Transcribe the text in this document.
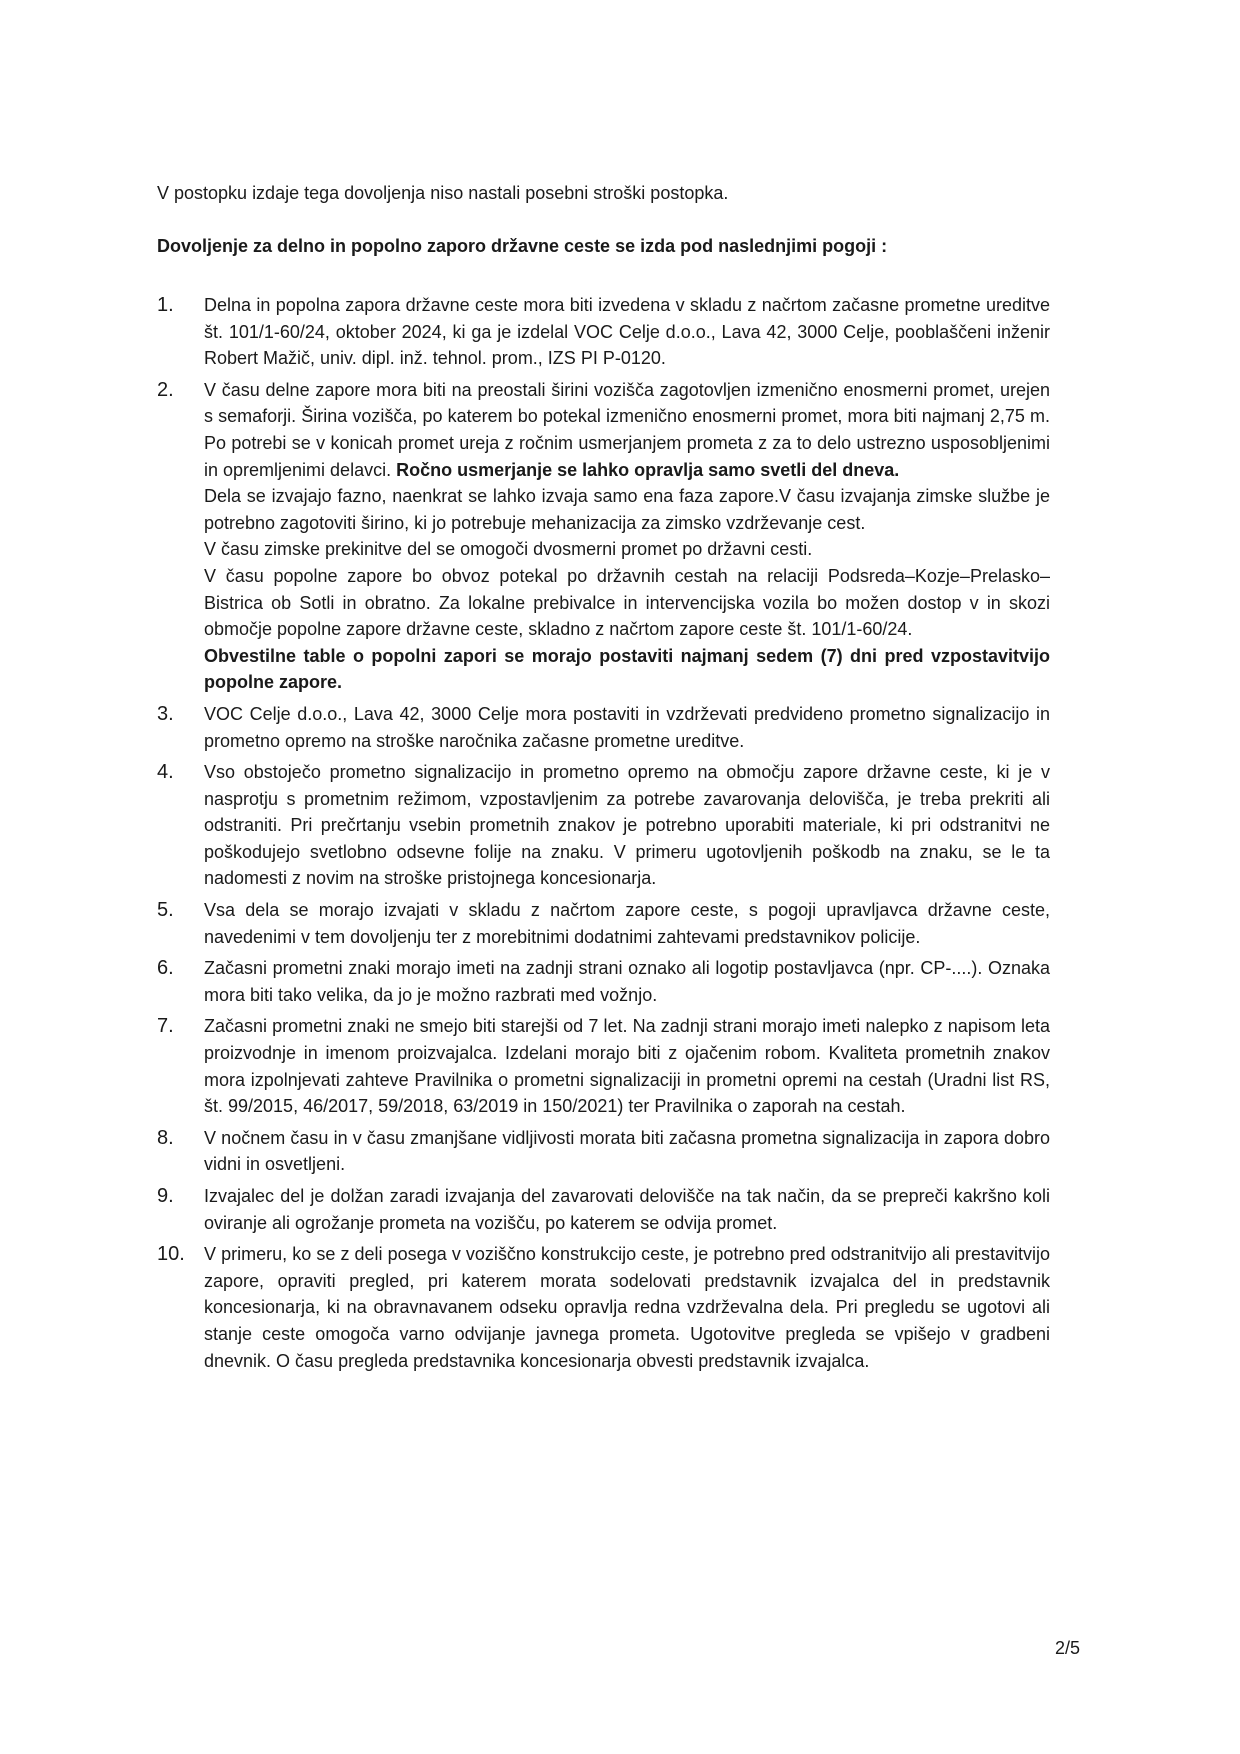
V postopku izdaje tega dovoljenja niso nastali posebni stroški postopka.

Dovoljenje za delno in popolno zaporo državne ceste se izda pod naslednjimi pogoji :

1.	Delna in popolna zapora državne ceste mora biti izvedena v skladu z načrtom začasne prometne ureditve št. 101/1-60/24, oktober 2024, ki ga je izdelal VOC Celje d.o.o., Lava 42, 3000 Celje, pooblaščeni inženir Robert Mažič, univ. dipl. inž. tehnol. prom., IZS PI P-0120.

2.	V času delne zapore mora biti na preostali širini vozišča zagotovljen izmenično enosmerni promet, urejen s semaforji. Širina vozišča, po katerem bo potekal izmenično enosmerni promet, mora biti najmanj 2,75 m. Po potrebi se v konicah promet ureja z ročnim usmerjanjem prometa z za to delo ustrezno usposobljenimi in opremljenimi delavci. Ročno usmerjanje se lahko opravlja samo svetli del dneva.

Dela se izvajajo fazno, naenkrat se lahko izvaja samo ena faza zapore.V času izvajanja zimske službe je potrebno zagotoviti širino, ki jo potrebuje mehanizacija za zimsko vzdrževanje cest.

V času zimske prekinitve del se omogoči dvosmerni promet po državni cesti.

V času popolne zapore bo obvoz potekal po državnih cestah na relaciji Podsreda–Kozje–Prelasko–Bistrica ob Sotli in obratno. Za lokalne prebivalce in intervencijska vozila bo možen dostop v in skozi območje popolne zapore državne ceste, skladno z načrtom zapore ceste št. 101/1-60/24.

Obvestilne table o popolni zapori se morajo postaviti najmanj sedem (7) dni pred vzpostavitvijo popolne zapore.

3.	VOC Celje d.o.o., Lava 42, 3000 Celje mora postaviti in vzdrževati predvideno prometno signalizacijo in prometno opremo na stroške naročnika začasne prometne ureditve.

4.	Vso obstoječo prometno signalizacijo in prometno opremo na območju zapore državne ceste, ki je v nasprotju s prometnim režimom, vzpostavljenim za potrebe zavarovanja delovišča, je treba prekriti ali odstraniti. Pri prečrtanju vsebin prometnih znakov je potrebno uporabiti materiale, ki pri odstranitvi ne poškodujejo svetlobno odsevne folije na znaku. V primeru ugotovljenih poškodb na znaku, se le ta nadomesti z novim na stroške pristojnega koncesionarja.

5.	Vsa dela se morajo izvajati v skladu z načrtom zapore ceste, s pogoji upravljavca državne ceste, navedenimi v tem dovoljenju ter z morebitnimi dodatnimi zahtevami predstavnikov policije.

6.	Začasni prometni znaki morajo imeti na zadnji strani oznako ali logotip postavljavca (npr. CP-....). Oznaka mora biti tako velika, da jo je možno razbrati med vožnjo.

7.	Začasni prometni znaki ne smejo biti starejši od 7 let. Na zadnji strani morajo imeti nalepko z napisom leta proizvodnje in imenom proizvajalca. Izdelani morajo biti z ojačenim robom. Kvaliteta prometnih znakov mora izpolnjevati zahteve Pravilnika o prometni signalizaciji in prometni opremi na cestah (Uradni list RS, št. 99/2015, 46/2017, 59/2018, 63/2019 in 150/2021) ter Pravilnika o zaporah na cestah.

8.	V nočnem času in v času zmanjšane vidljivosti morata biti začasna prometna signalizacija in zapora dobro vidni in osvetljeni.

9.	Izvajalec del je dolžan zaradi izvajanja del zavarovati delovišče na tak način, da se prepreči kakršno koli oviranje ali ogrožanje prometa na vozišču, po katerem se odvija promet.

10.	V primeru, ko se z deli posega v voziščno konstrukcijo ceste, je potrebno pred odstranitvijo ali prestavitvijo zapore, opraviti pregled, pri katerem morata sodelovati predstavnik izvajalca del in predstavnik koncesionarja, ki na obravnavanem odseku opravlja redna vzdrževalna dela. Pri pregledu se ugotovi ali stanje ceste omogoča varno odvijanje javnega prometa. Ugotovitve pregleda se vpišejo v gradbeni dnevnik. O času pregleda predstavnika koncesionarja obvesti predstavnik izvajalca.

2/5
